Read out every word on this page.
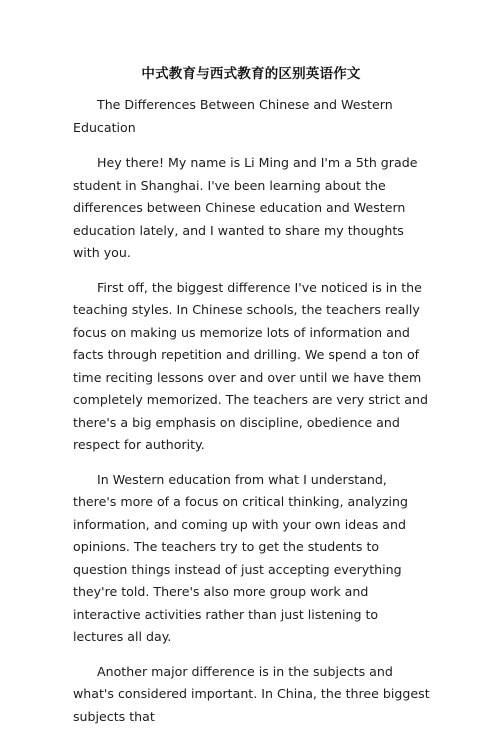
中式教育与西式教育的区别英语作文

The Differences Between Chinese and Western Education

Hey there! My name is Li Ming and I'm a 5th grade student in Shanghai. I've been learning about the differences between Chinese education and Western education lately, and I wanted to share my thoughts with you.

First off, the biggest difference I've noticed is in the teaching styles. In Chinese schools, the teachers really focus on making us memorize lots of information and facts through repetition and drilling. We spend a ton of time reciting lessons over and over until we have them completely memorized. The teachers are very strict and there's a big emphasis on discipline, obedience and respect for authority.

In Western education from what I understand, there's more of a focus on critical thinking, analyzing information, and coming up with your own ideas and opinions. The teachers try to get the students to question things instead of just accepting everything they're told. There's also more group work and interactive activities rather than just listening to lectures all day.

Another major difference is in the subjects and what's considered important. In China, the three biggest subjects that
